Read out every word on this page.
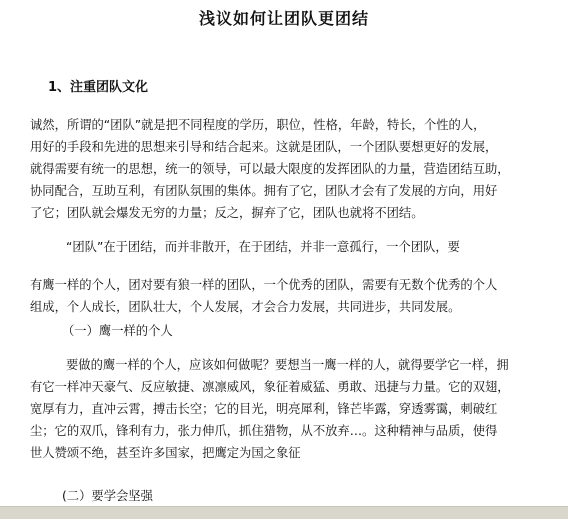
浅议如何让团队更团结
1、注重团队文化
诚然，所谓的“团队”就是把不同程度的学历，职位，性格，年龄，特长，个性的人，
用好的手段和先进的思想来引导和结合起来。这就是团队，一个团队要想更好的发展，
就得需要有统一的思想，统一的领导，可以最大限度的发挥团队的力量，营造团结互助，
协同配合，互助互利，有团队氛围的集体。拥有了它，团队才会有了发展的方向，用好
了它；团队就会爆发无穷的力量；反之，摒弃了它，团队也就将不团结。
“团队”在于团结，而并非散开，在于团结，并非一意孤行，一个团队，要
有鹰一样的个人，团对要有狼一样的团队，一个优秀的团队，需要有无数个优秀的个人
组成，个人成长，团队壮大，个人发展，才会合力发展，共同进步，共同发展。
（一）鹰一样的个人
要做的鹰一样的个人，应该如何做呢？要想当一鹰一样的人，就得要学它一样，拥
有它一样冲天豪气、反应敏捷、凛凛威风，象征着威猛、勇敢、迅捷与力量。它的双翅，
宽厚有力，直冲云霄，搏击长空；它的目光，明亮犀利，锋芒毕露，穿透雾霭，刺破红
尘；它的双爪，锋利有力，张力伸爪，抓住猎物，从不放弃…。这种精神与品质，使得
世人赞颂不绝，甚至许多国家，把鹰定为国之象征
(二）要学会坚强
